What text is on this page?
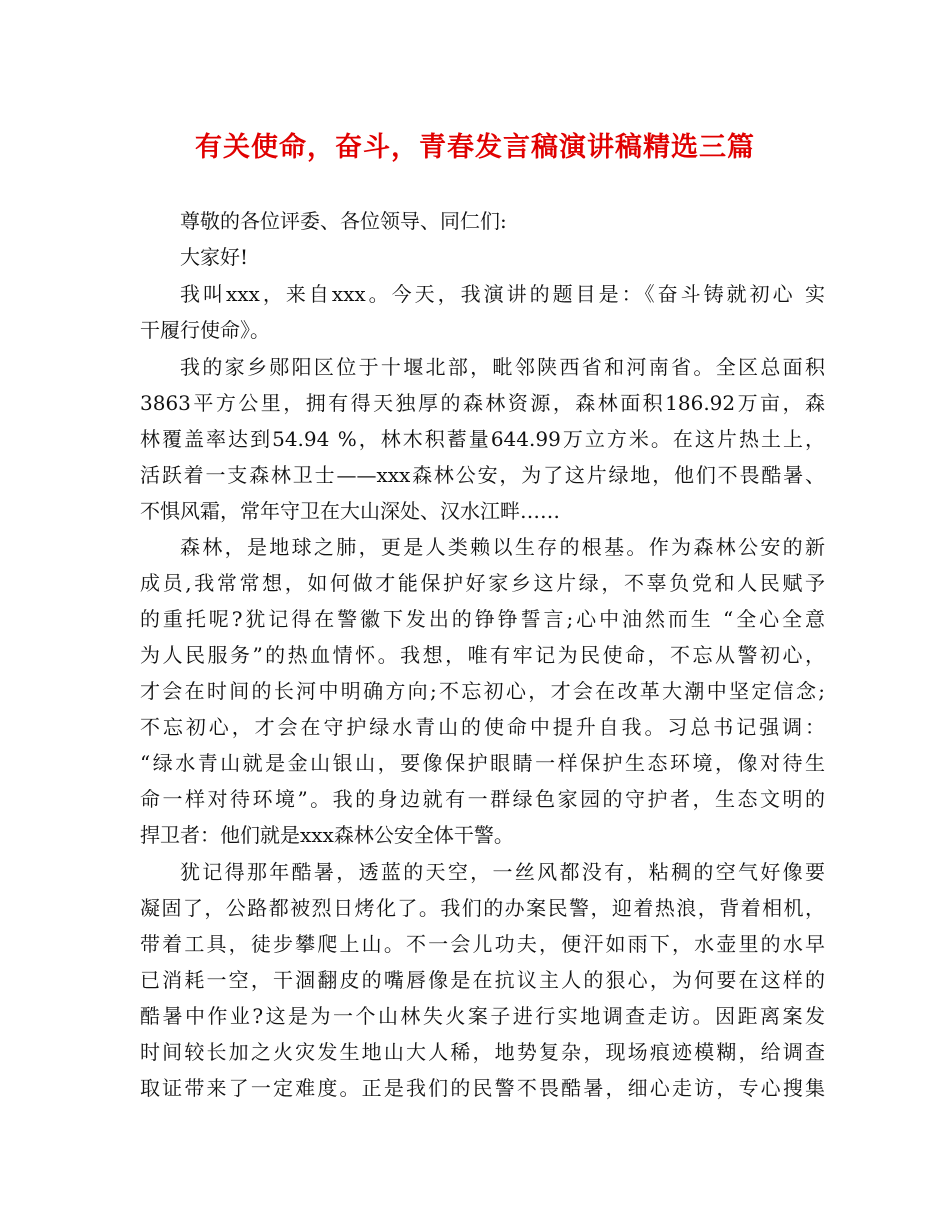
有关使命，奋斗，青春发言稿演讲稿精选三篇
尊敬的各位评委、各位领导、同仁们:
大家好!
我叫xxx，来自xxx。今天，我演讲的题目是：《奋斗铸就初心 实
干履行使命》。
我的家乡郧阳区位于十堰北部，毗邻陕西省和河南省。全区总面积
3863平方公里，拥有得天独厚的森林资源，森林面积186.92万亩，森
林覆盖率达到54.94 %，林木积蓄量644.99万立方米。在这片热土上，
活跃着一支森林卫士——xxx森林公安，为了这片绿地，他们不畏酷暑、
不惧风霜，常年守卫在大山深处、汉水江畔……
森林，是地球之肺，更是人类赖以生存的根基。作为森林公安的新
成员,我常常想，如何做才能保护好家乡这片绿，不辜负党和人民赋予
的重托呢?犹记得在警徽下发出的铮铮誓言;心中油然而生 “全心全意
为人民服务”的热血情怀。我想，唯有牢记为民使命，不忘从警初心，
才会在时间的长河中明确方向;不忘初心，才会在改革大潮中坚定信念;
不忘初心，才会在守护绿水青山的使命中提升自我。习总书记强调：
“绿水青山就是金山银山，要像保护眼睛一样保护生态环境，像对待生
命一样对待环境”。我的身边就有一群绿色家园的守护者，生态文明的
捍卫者：他们就是xxx森林公安全体干警。
犹记得那年酷暑，透蓝的天空，一丝风都没有，粘稠的空气好像要
凝固了，公路都被烈日烤化了。我们的办案民警，迎着热浪，背着相机，
带着工具，徒步攀爬上山。不一会儿功夫，便汗如雨下，水壶里的水早
已消耗一空，干涸翻皮的嘴唇像是在抗议主人的狠心，为何要在这样的
酷暑中作业?这是为一个山林失火案子进行实地调查走访。因距离案发
时间较长加之火灾发生地山大人稀，地势复杂，现场痕迹模糊，给调查
取证带来了一定难度。正是我们的民警不畏酷暑，细心走访，专心搜集
